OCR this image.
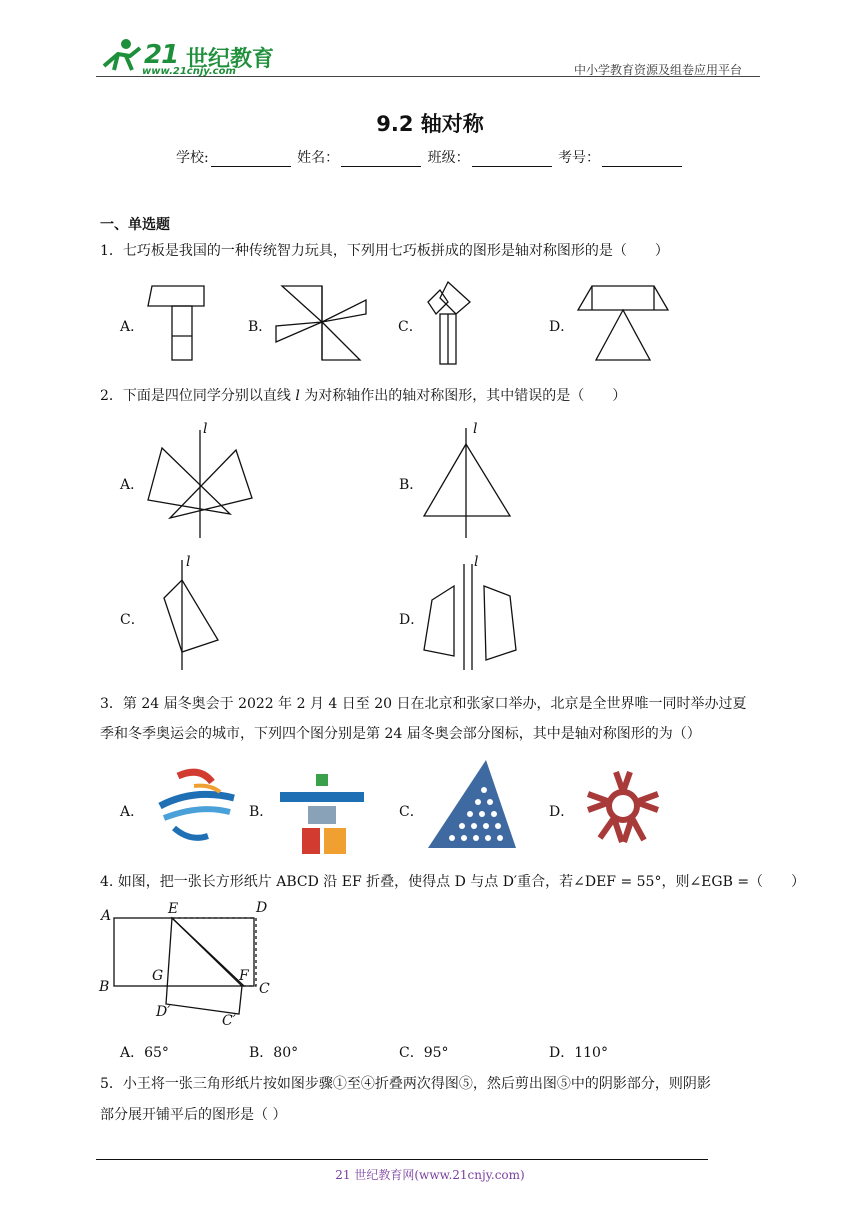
21 世纪教育
www.21cnjy.com	中小学教育资源及组卷应用平台
9.2 轴对称
学校:	姓名：	班级：	考号：
一、单选题
1．七巧板是我国的一种传统智力玩具，下列用七巧板拼成的图形是轴对称图形的是（　　）
A．	B．	C．	D．
2．下面是四位同学分别以直线 l 为对称轴作出的轴对称图形，其中错误的是（　　）
A．	B．
C．	D．
l	l
l	l
3．第 24 届冬奥会于 2022 年 2 月 4 日至 20 日在北京和张家口举办，北京是全世界唯一同时举办过夏
季和冬季奥运会的城市，下列四个图分别是第 24 届冬奥会部分图标，其中是轴对称图形的为（）
A．	B．	C．	D．
4. 如图，把一张长方形纸片 ABCD 沿 EF 折叠，使得点 D 与点 D′重合，若∠DEF = 55°，则∠EGB =（　　）
A	E	D
B
G	F
C
D′
C′
A．65°	B．80°	C．95°	D．110°
5．小王将一张三角形纸片按如图步骤①至④折叠两次得图⑤，然后剪出图⑤中的阴影部分，则阴影
部分展开铺平后的图形是（ ）
21 世纪教育网(www.21cnjy.com)
